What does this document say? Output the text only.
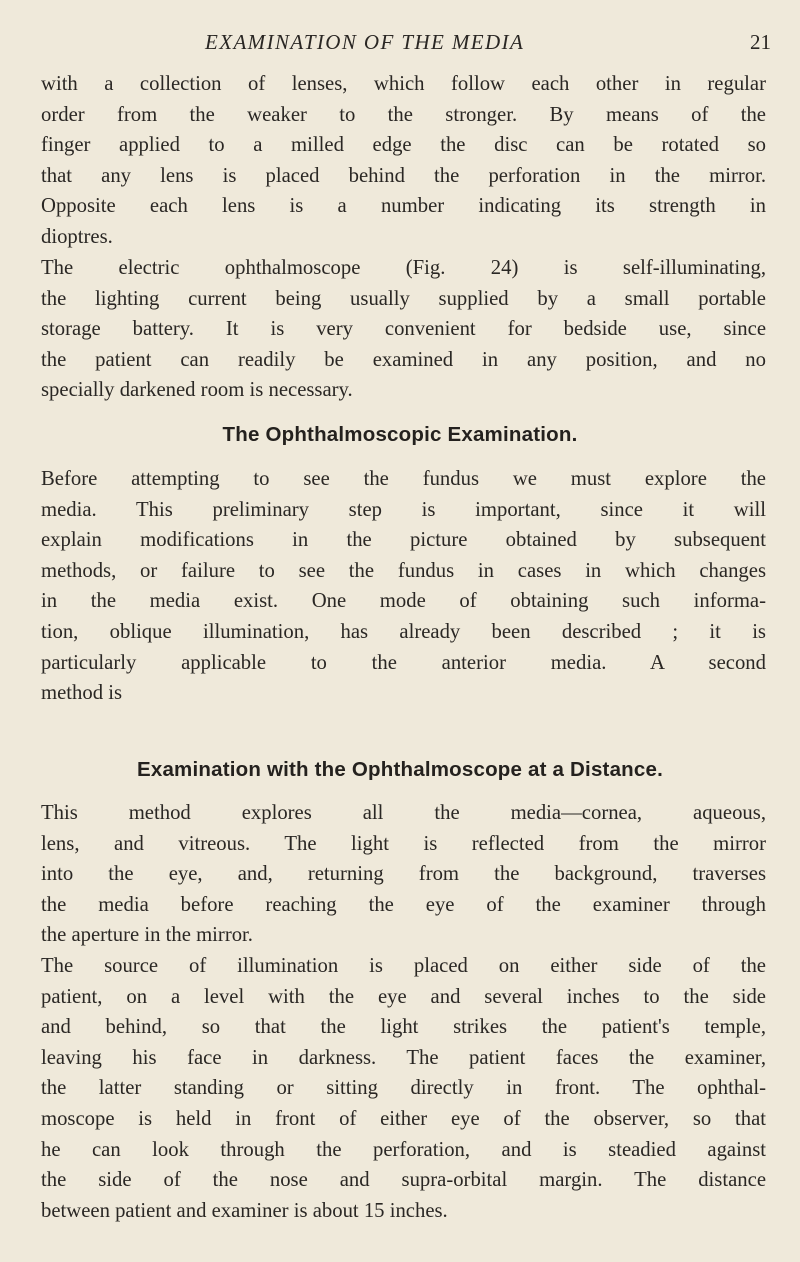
EXAMINATION OF THE MEDIA	21
with a collection of lenses, which follow each other in regular
order from the weaker to the stronger. By means of the
finger applied to a milled edge the disc can be rotated so
that any lens is placed behind the perforation in the mirror.
Opposite each lens is a number indicating its strength in
dioptres.
The electric ophthalmoscope (Fig. 24) is self-illuminating,
the lighting current being usually supplied by a small portable
storage battery. It is very convenient for bedside use, since
the patient can readily be examined in any position, and no
specially darkened room is necessary.
The Ophthalmoscopic Examination.
Before attempting to see the fundus we must explore the
media. This preliminary step is important, since it will
explain modifications in the picture obtained by subsequent
methods, or failure to see the fundus in cases in which changes
in the media exist. One mode of obtaining such informa-
tion, oblique illumination, has already been described ; it is
particularly applicable to the anterior media. A second
method is
Examination with the Ophthalmoscope at a Distance.
This method explores all the media—cornea, aqueous,
lens, and vitreous. The light is reflected from the mirror
into the eye, and, returning from the background, traverses
the media before reaching the eye of the examiner through
the aperture in the mirror.
The source of illumination is placed on either side of the
patient, on a level with the eye and several inches to the side
and behind, so that the light strikes the patient's temple,
leaving his face in darkness. The patient faces the examiner,
the latter standing or sitting directly in front. The ophthal-
moscope is held in front of either eye of the observer, so that
he can look through the perforation, and is steadied against
the side of the nose and supra-orbital margin. The distance
between patient and examiner is about 15 inches.
